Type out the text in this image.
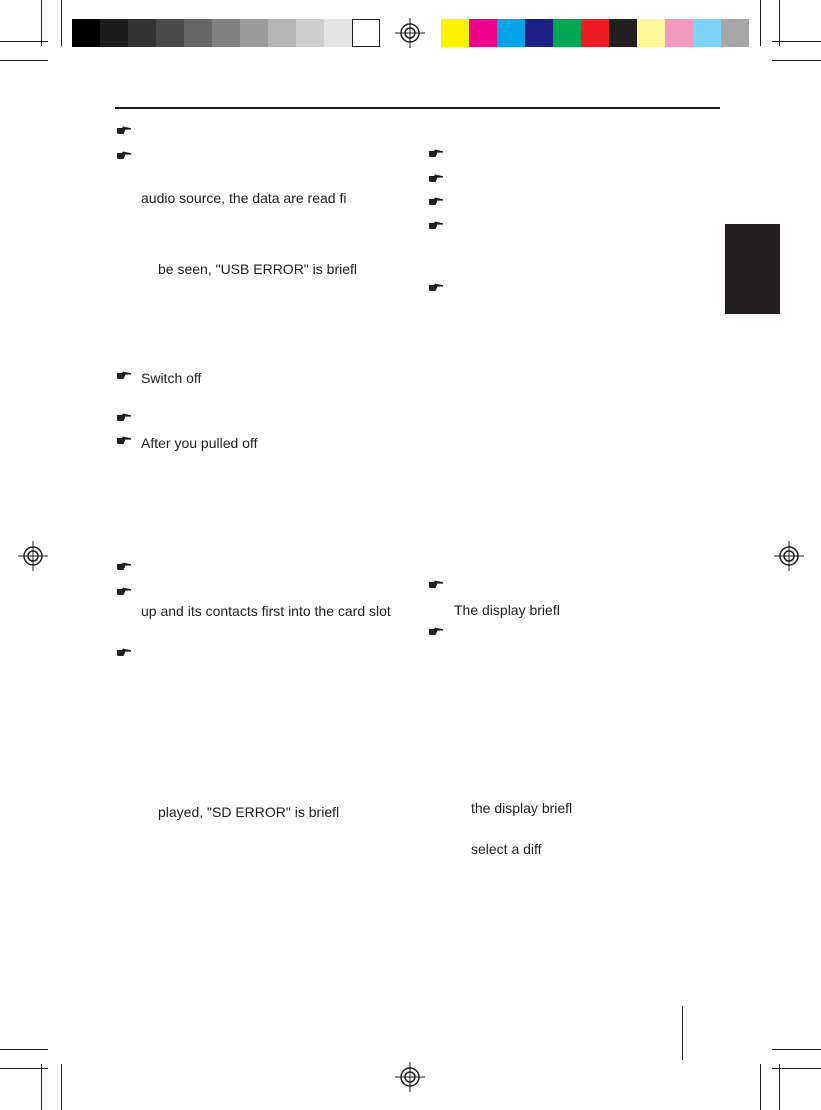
audio source, the data are read fi
be seen, "USB ERROR" is briefl
Switch off
After you pulled off
up and its contacts first into the card slot
played, "SD ERROR" is briefl
The display briefl
the display briefl
select a diff
